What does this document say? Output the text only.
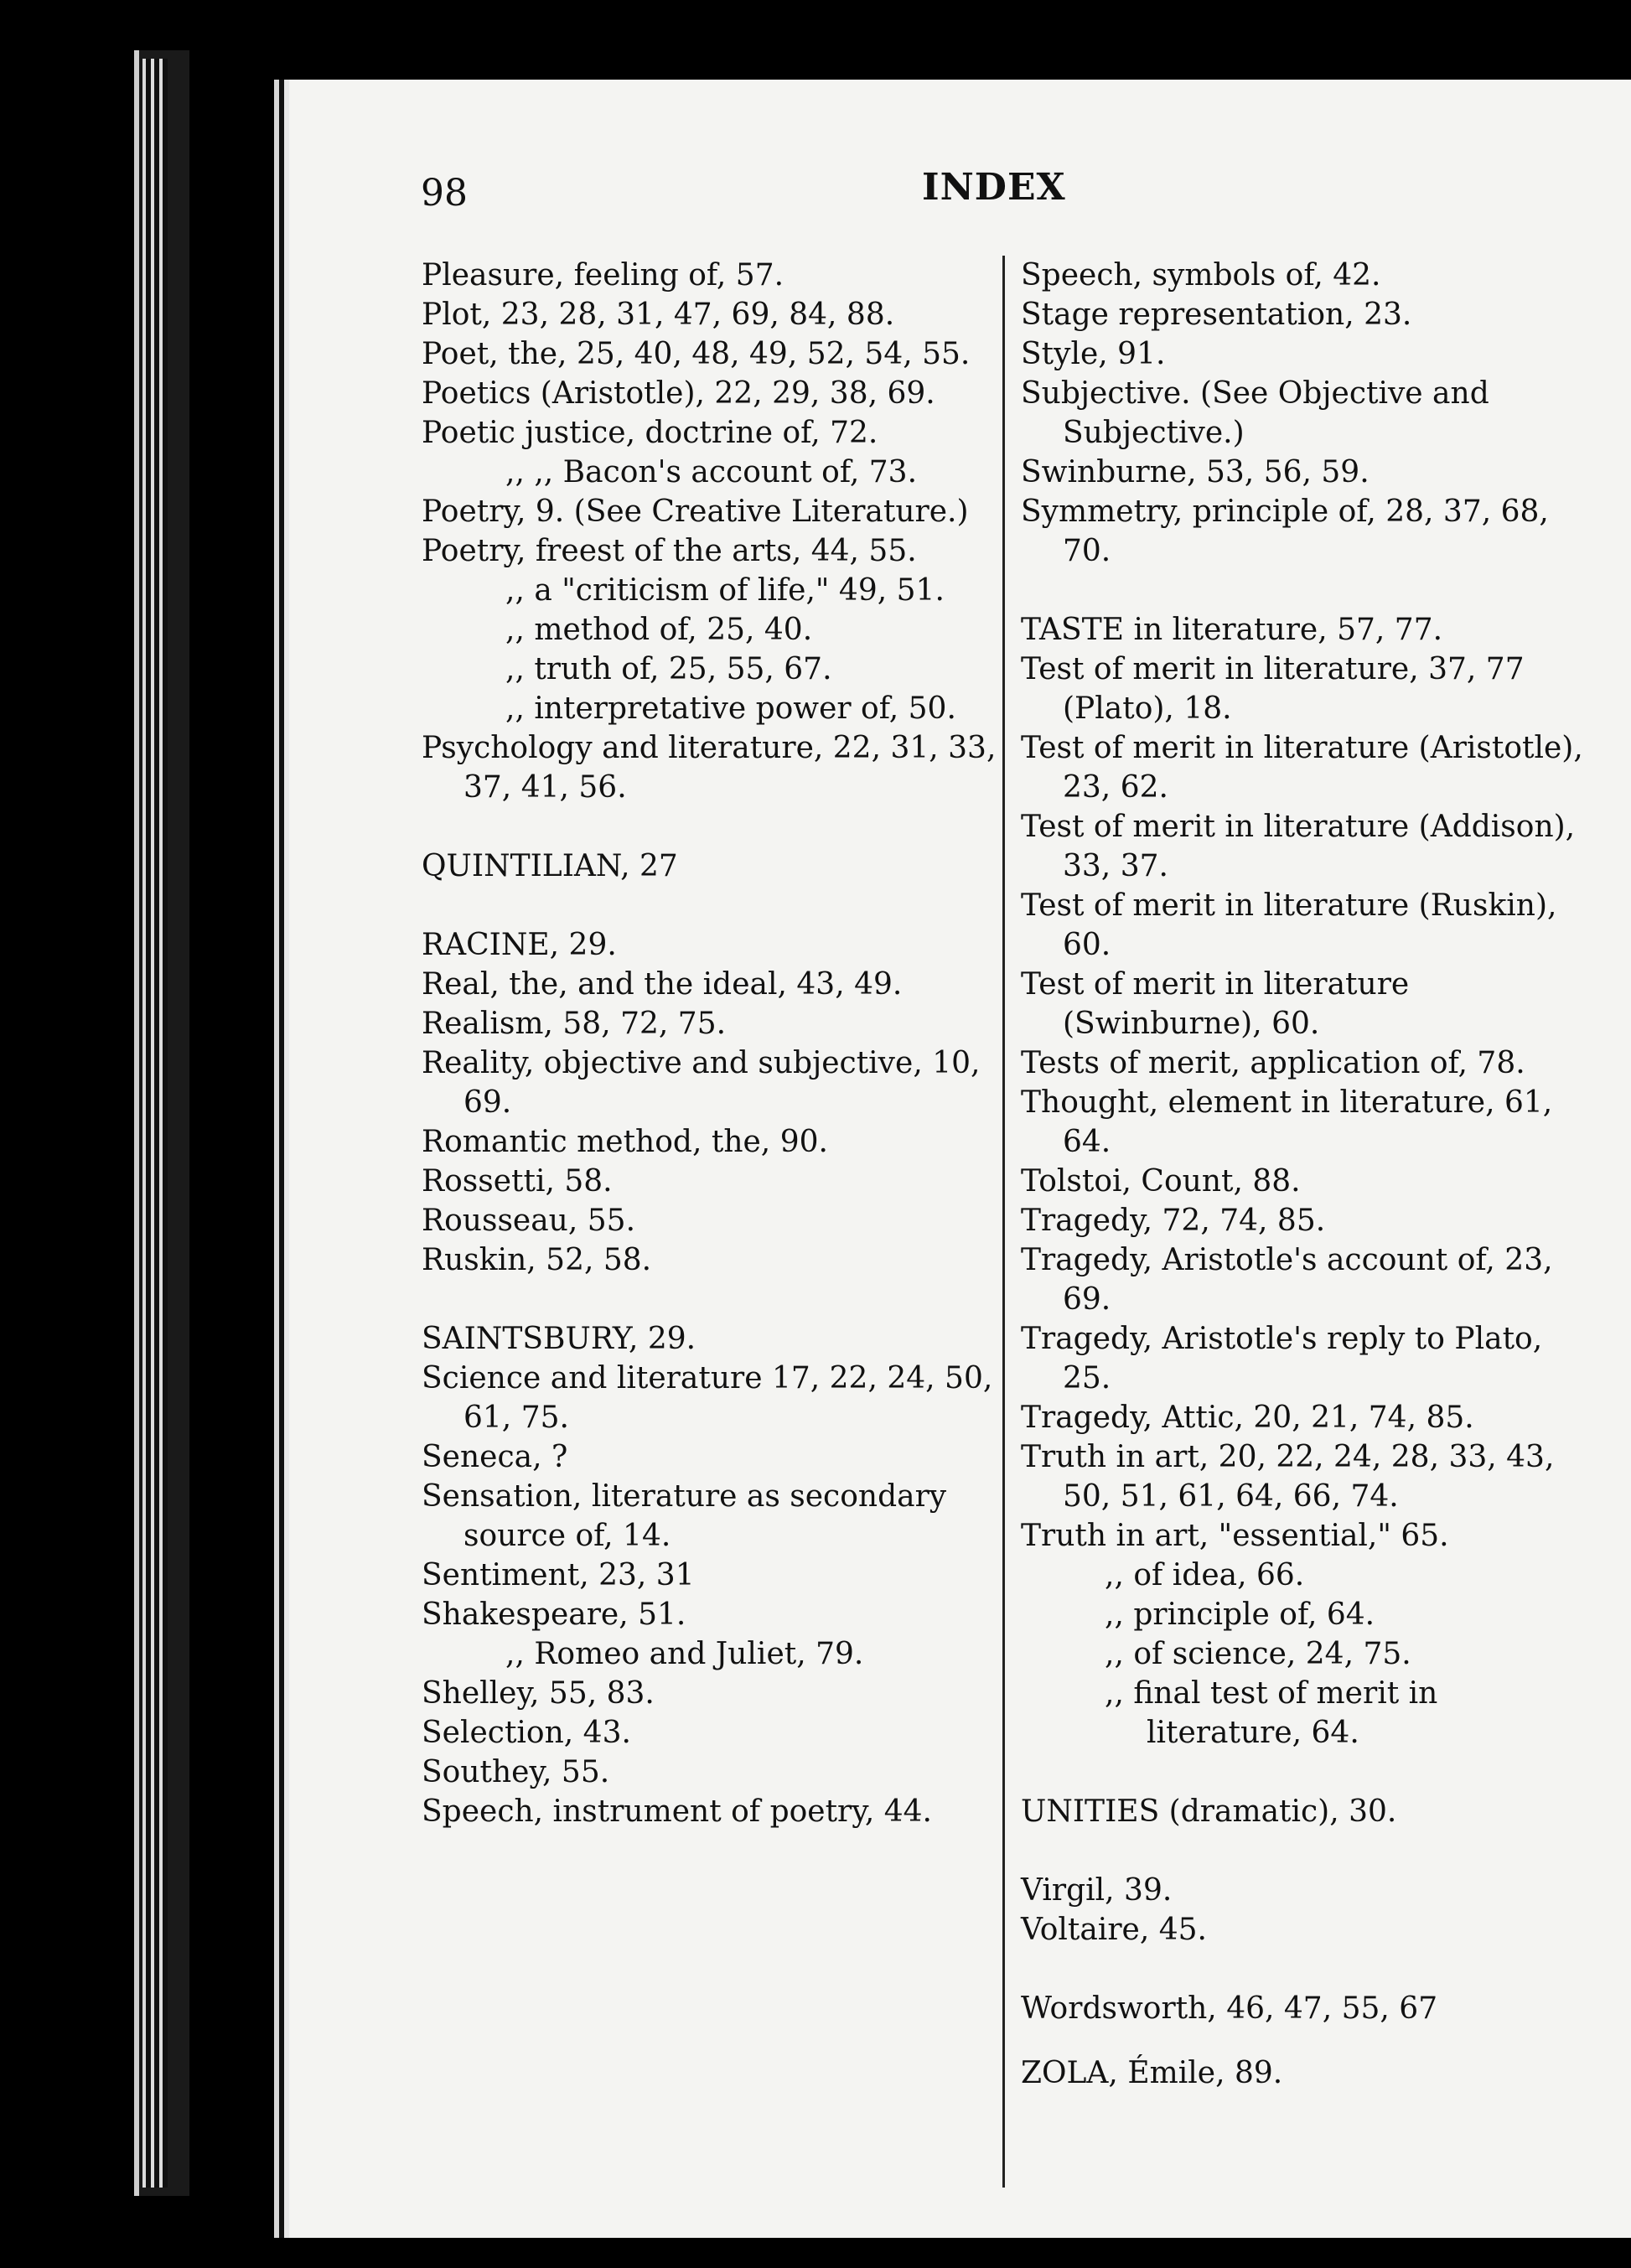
98	INDEX
Pleasure, feeling of, 57.
Plot, 23, 28, 31, 47, 69, 84, 88.
Poet, the, 25, 40, 48, 49, 52, 54, 55.
Poetics (Aristotle), 22, 29, 38, 69.
Poetic justice, doctrine of, 72.
,, ,, Bacon's account of, 73.
Poetry, 9. (See Creative Literature.)
Poetry, freest of the arts, 44, 55.
,, a "criticism of life," 49, 51.
,, method of, 25, 40.
,, truth of, 25, 55, 67.
,, interpretative power of, 50.
Psychology and literature, 22, 31, 33, 37, 41, 56.
QUINTILIAN, 27
RACINE, 29.
Real, the, and the ideal, 43, 49.
Realism, 58, 72, 75.
Reality, objective and subjective, 10, 69.
Romantic method, the, 90.
Rossetti, 58.
Rousseau, 55.
Ruskin, 52, 58.
SAINTSBURY, 29.
Science and literature 17, 22, 24, 50, 61, 75.
Seneca, ?
Sensation, literature as secondary source of, 14.
Sentiment, 23, 31
Shakespeare, 51.
,, Romeo and Juliet, 79.
Shelley, 55, 83.
Selection, 43.
Southey, 55.
Speech, instrument of poetry, 44.
Speech, symbols of, 42.
Stage representation, 23.
Style, 91.
Subjective. (See Objective and Subjective.)
Swinburne, 53, 56, 59.
Symmetry, principle of, 28, 37, 68, 70.
TASTE in literature, 57, 77.
Test of merit in literature, 37, 77 (Plato), 18.
Test of merit in literature (Aristotle), 23, 62.
Test of merit in literature (Addison), 33, 37.
Test of merit in literature (Ruskin), 60.
Test of merit in literature (Swinburne), 60.
Tests of merit, application of, 78.
Thought, element in literature, 61, 64.
Tolstoi, Count, 88.
Tragedy, 72, 74, 85.
Tragedy, Aristotle's account of, 23, 69.
Tragedy, Aristotle's reply to Plato, 25.
Tragedy, Attic, 20, 21, 74, 85.
Truth in art, 20, 22, 24, 28, 33, 43, 50, 51, 61, 64, 66, 74.
Truth in art, "essential," 65.
,, of idea, 66.
,, principle of, 64.
,, of science, 24, 75.
,, final test of merit in literature, 64.
UNITIES (dramatic), 30.
Virgil, 39.
Voltaire, 45.
Wordsworth, 46, 47, 55, 67
ZOLA, Émile, 89.
